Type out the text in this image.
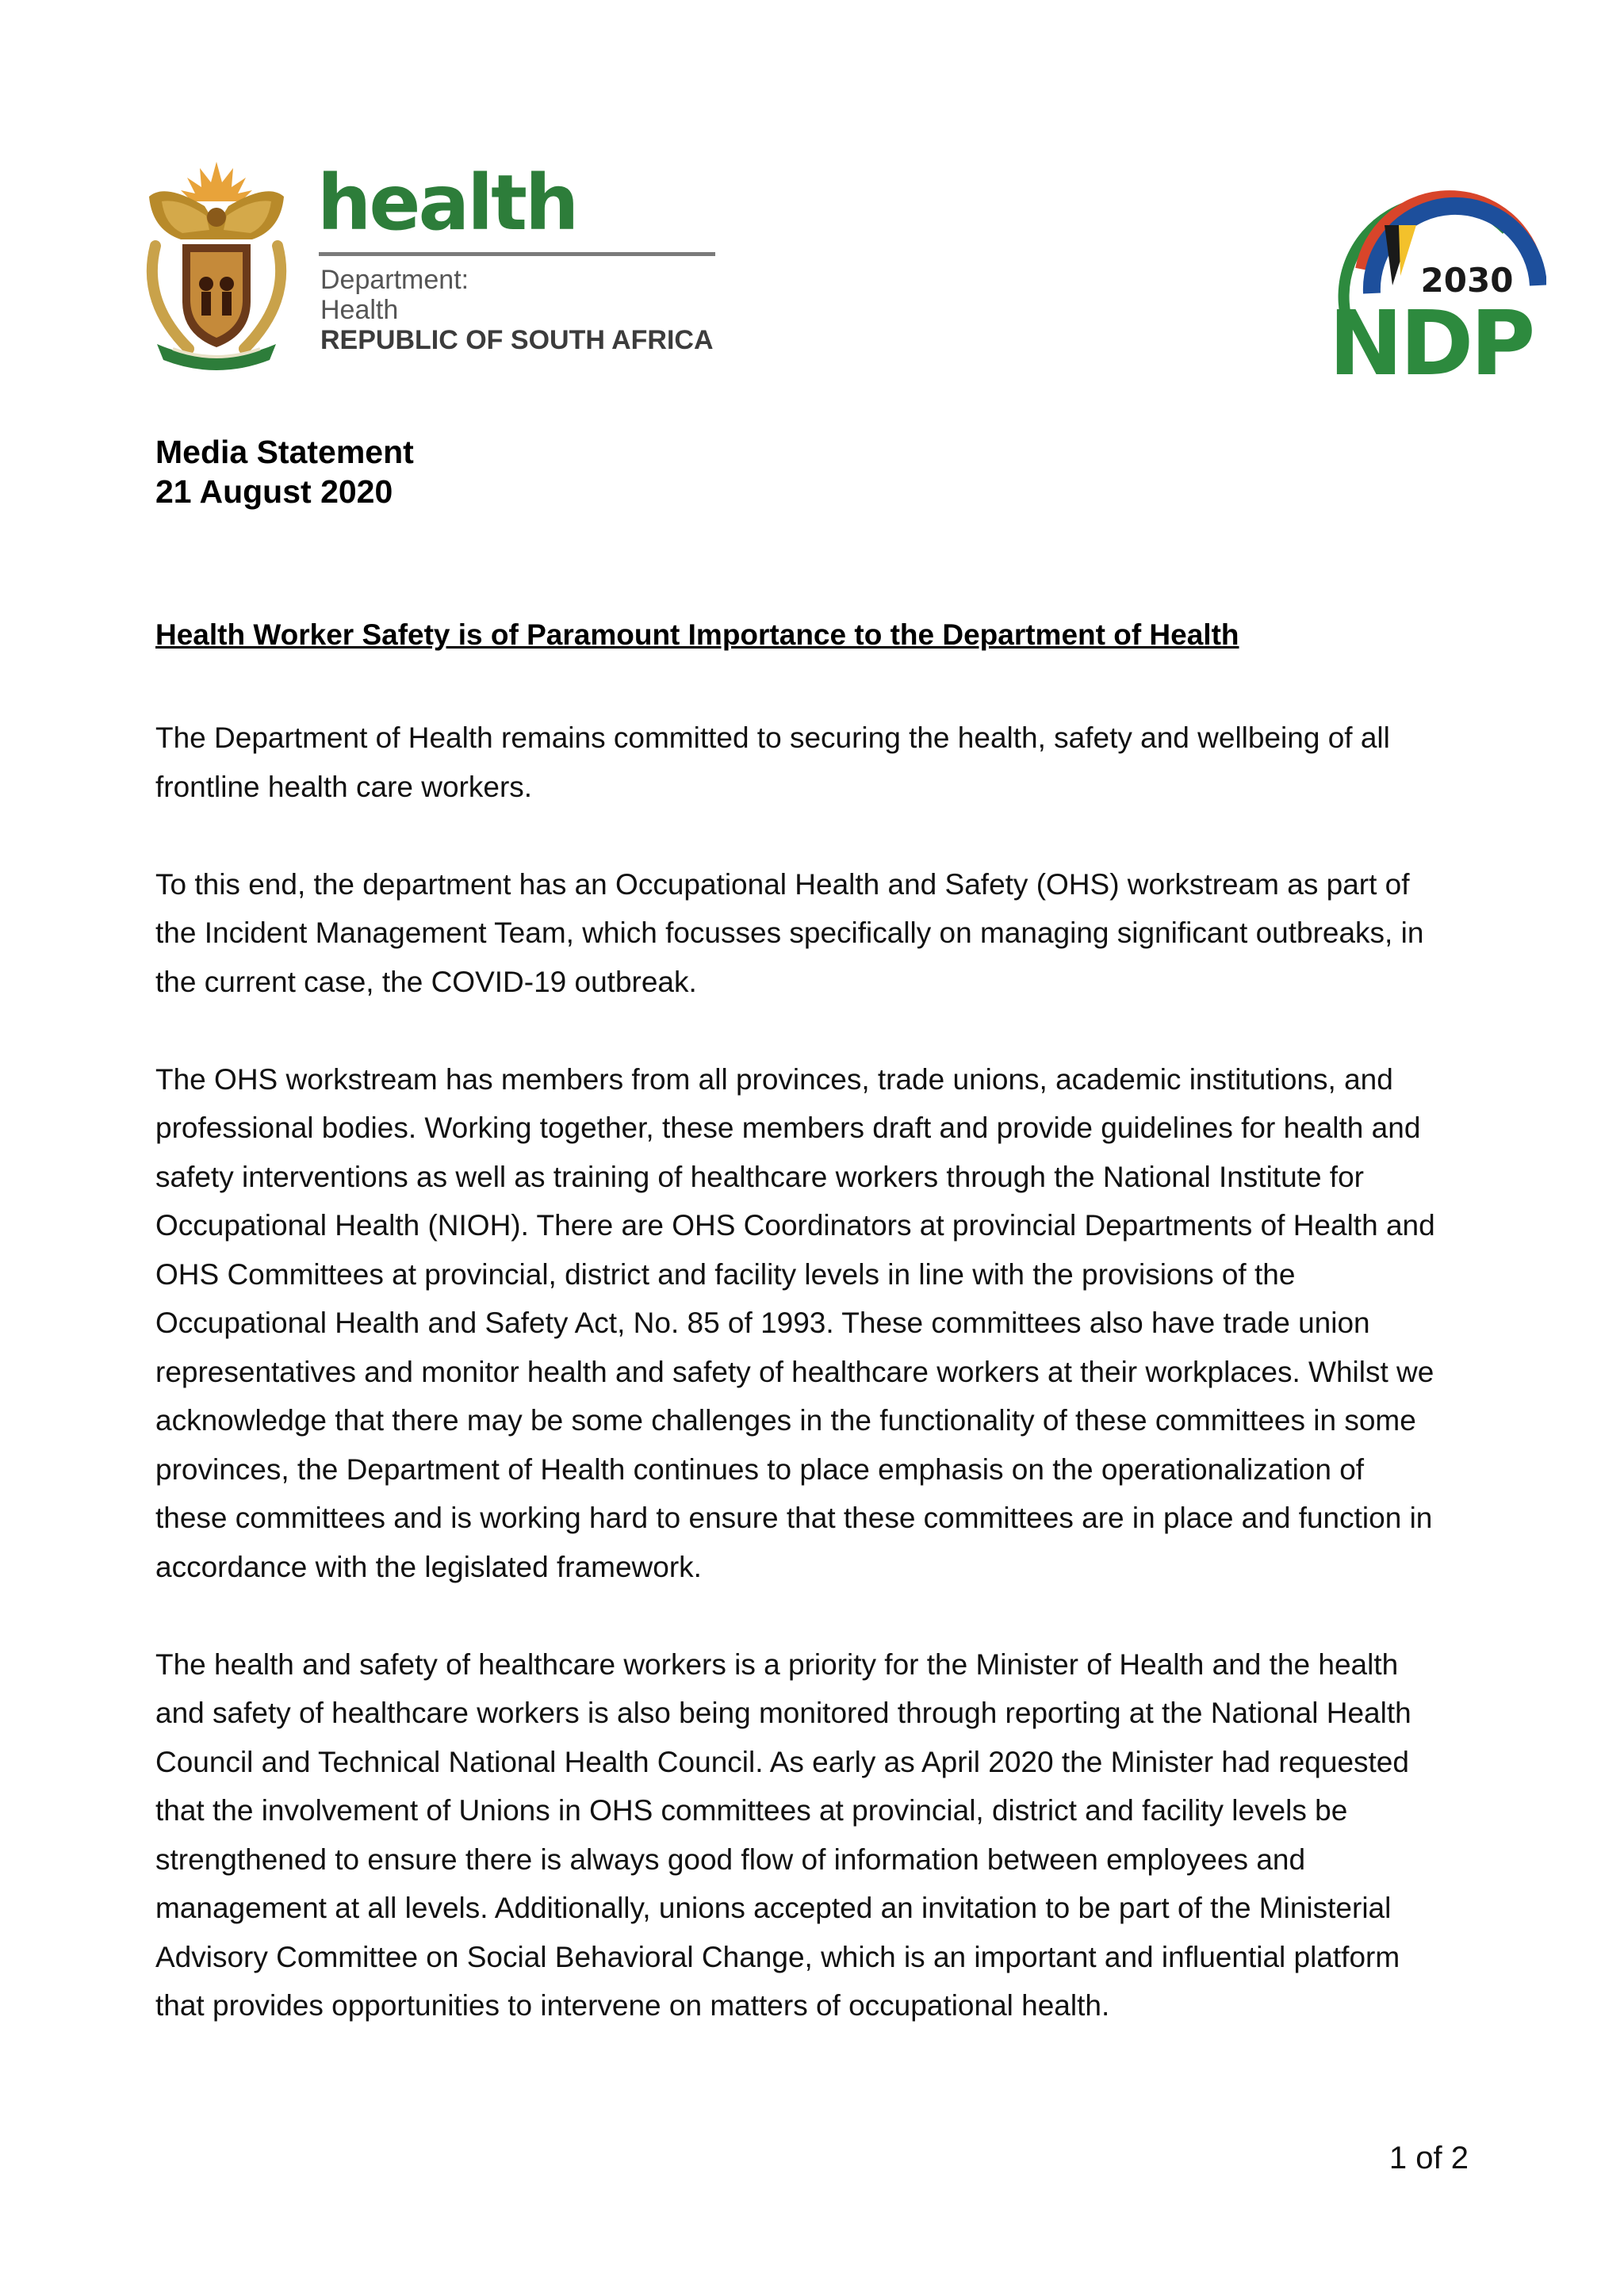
health
Department:
Health
REPUBLIC OF SOUTH AFRICA
2030
NDP
Media Statement
21 August 2020
Health Worker Safety is of Paramount Importance to the Department of Health

The Department of Health remains committed to securing the health, safety and wellbeing of all
frontline health care workers.

To this end, the department has an Occupational Health and Safety (OHS) workstream as part of
the Incident Management Team, which focusses specifically on managing significant outbreaks, in
the current case, the COVID-19 outbreak.

The OHS workstream has members from all provinces, trade unions, academic institutions, and
professional bodies. Working together, these members draft and provide guidelines for health and
safety interventions as well as training of healthcare workers through the National Institute for
Occupational Health (NIOH). There are OHS Coordinators at provincial Departments of Health and
OHS Committees at provincial, district and facility levels in line with the provisions of the
Occupational Health and Safety Act, No. 85 of 1993. These committees also have trade union
representatives and monitor health and safety of healthcare workers at their workplaces. Whilst we
acknowledge that there may be some challenges in the functionality of these committees in some
provinces, the Department of Health continues to place emphasis on the operationalization of
these committees and is working hard to ensure that these committees are in place and function in
accordance with the legislated framework.

The health and safety of healthcare workers is a priority for the Minister of Health and the health
and safety of healthcare workers is also being monitored through reporting at the National Health
Council and Technical National Health Council. As early as April 2020 the Minister had requested
that the involvement of Unions in OHS committees at provincial, district and facility levels be
strengthened to ensure there is always good flow of information between employees and
management at all levels. Additionally, unions accepted an invitation to be part of the Ministerial
Advisory Committee on Social Behavioral Change, which is an important and influential platform
that provides opportunities to intervene on matters of occupational health.

1 of 2
